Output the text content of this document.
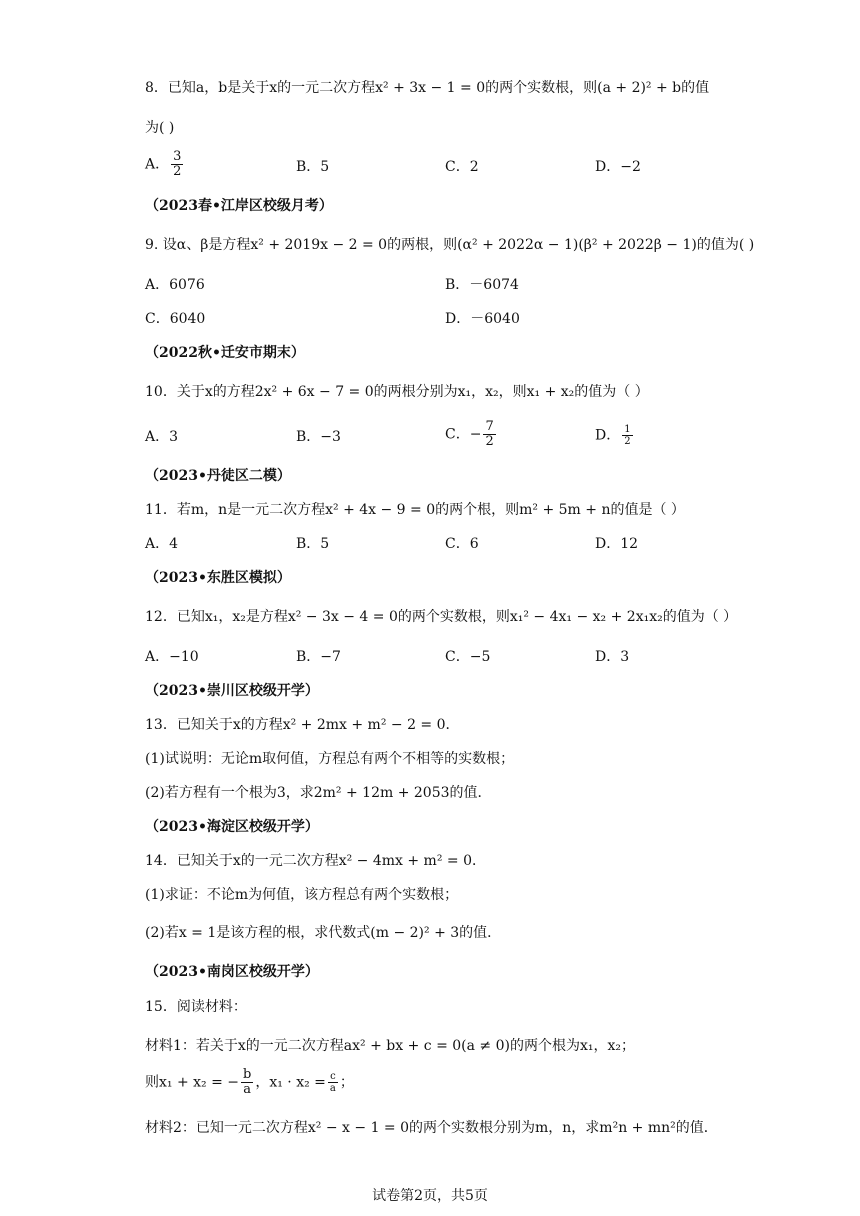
8．已知a，b是关于x的一元二次方程x² + 3x − 1 = 0的两个实数根，则(a + 2)² + b的值
为( )
A． $\frac{3}{2}$	B．5	C．2	D．−2
（2023春•江岸区校级月考）
9. 设α、β是方程x² + 2019x − 2 = 0的两根，则(α² + 2022α − 1)(β² + 2022β − 1)的值为( )
A．6076	B．－6074
C．6040	D．－6040
（2022秋•迁安市期末）
10．关于x的方程2x² + 6x − 7 = 0的两根分别为x₁，x₂，则x₁ + x₂的值为（ ）
A．3	B．−3	C．− $\frac{7}{2}$	D． $\frac{1}{2}$
（2023•丹徒区二模）
11．若m，n是一元二次方程x² + 4x − 9 = 0的两个根，则m² + 5m + n的值是（ ）
A．4	B．5	C．6	D．12
（2023•东胜区模拟）
12．已知x₁，x₂是方程x² − 3x − 4 = 0的两个实数根，则x₁² − 4x₁ − x₂ + 2x₁x₂的值为（ ）
A．−10	B．−7	C．−5	D．3
（2023•崇川区校级开学）
13．已知关于x的方程x² + 2mx + m² − 2 = 0．
(1)试说明：无论m取何值，方程总有两个不相等的实数根；
(2)若方程有一个根为3，求2m² + 12m + 2053的值．
（2023•海淀区校级开学）
14．已知关于x的一元二次方程x² − 4mx + m² = 0．
(1)求证：不论m为何值，该方程总有两个实数根；
(2)若x = 1是该方程的根，求代数式(m − 2)² + 3的值．
（2023•南岗区校级开学）
15．阅读材料：
材料1：若关于x的一元二次方程ax² + bx + c = 0(a ≠ 0)的两个根为x₁，x₂；
则x₁ + x₂ = − $\frac{b}{a}$ ，$x_1 \cdot x_2 = \frac{c}{a}$ ；
材料2：已知一元二次方程x² − x − 1 = 0的两个实数根分别为m，n，求m²n + mn²的值．
试卷第2页，共5页
